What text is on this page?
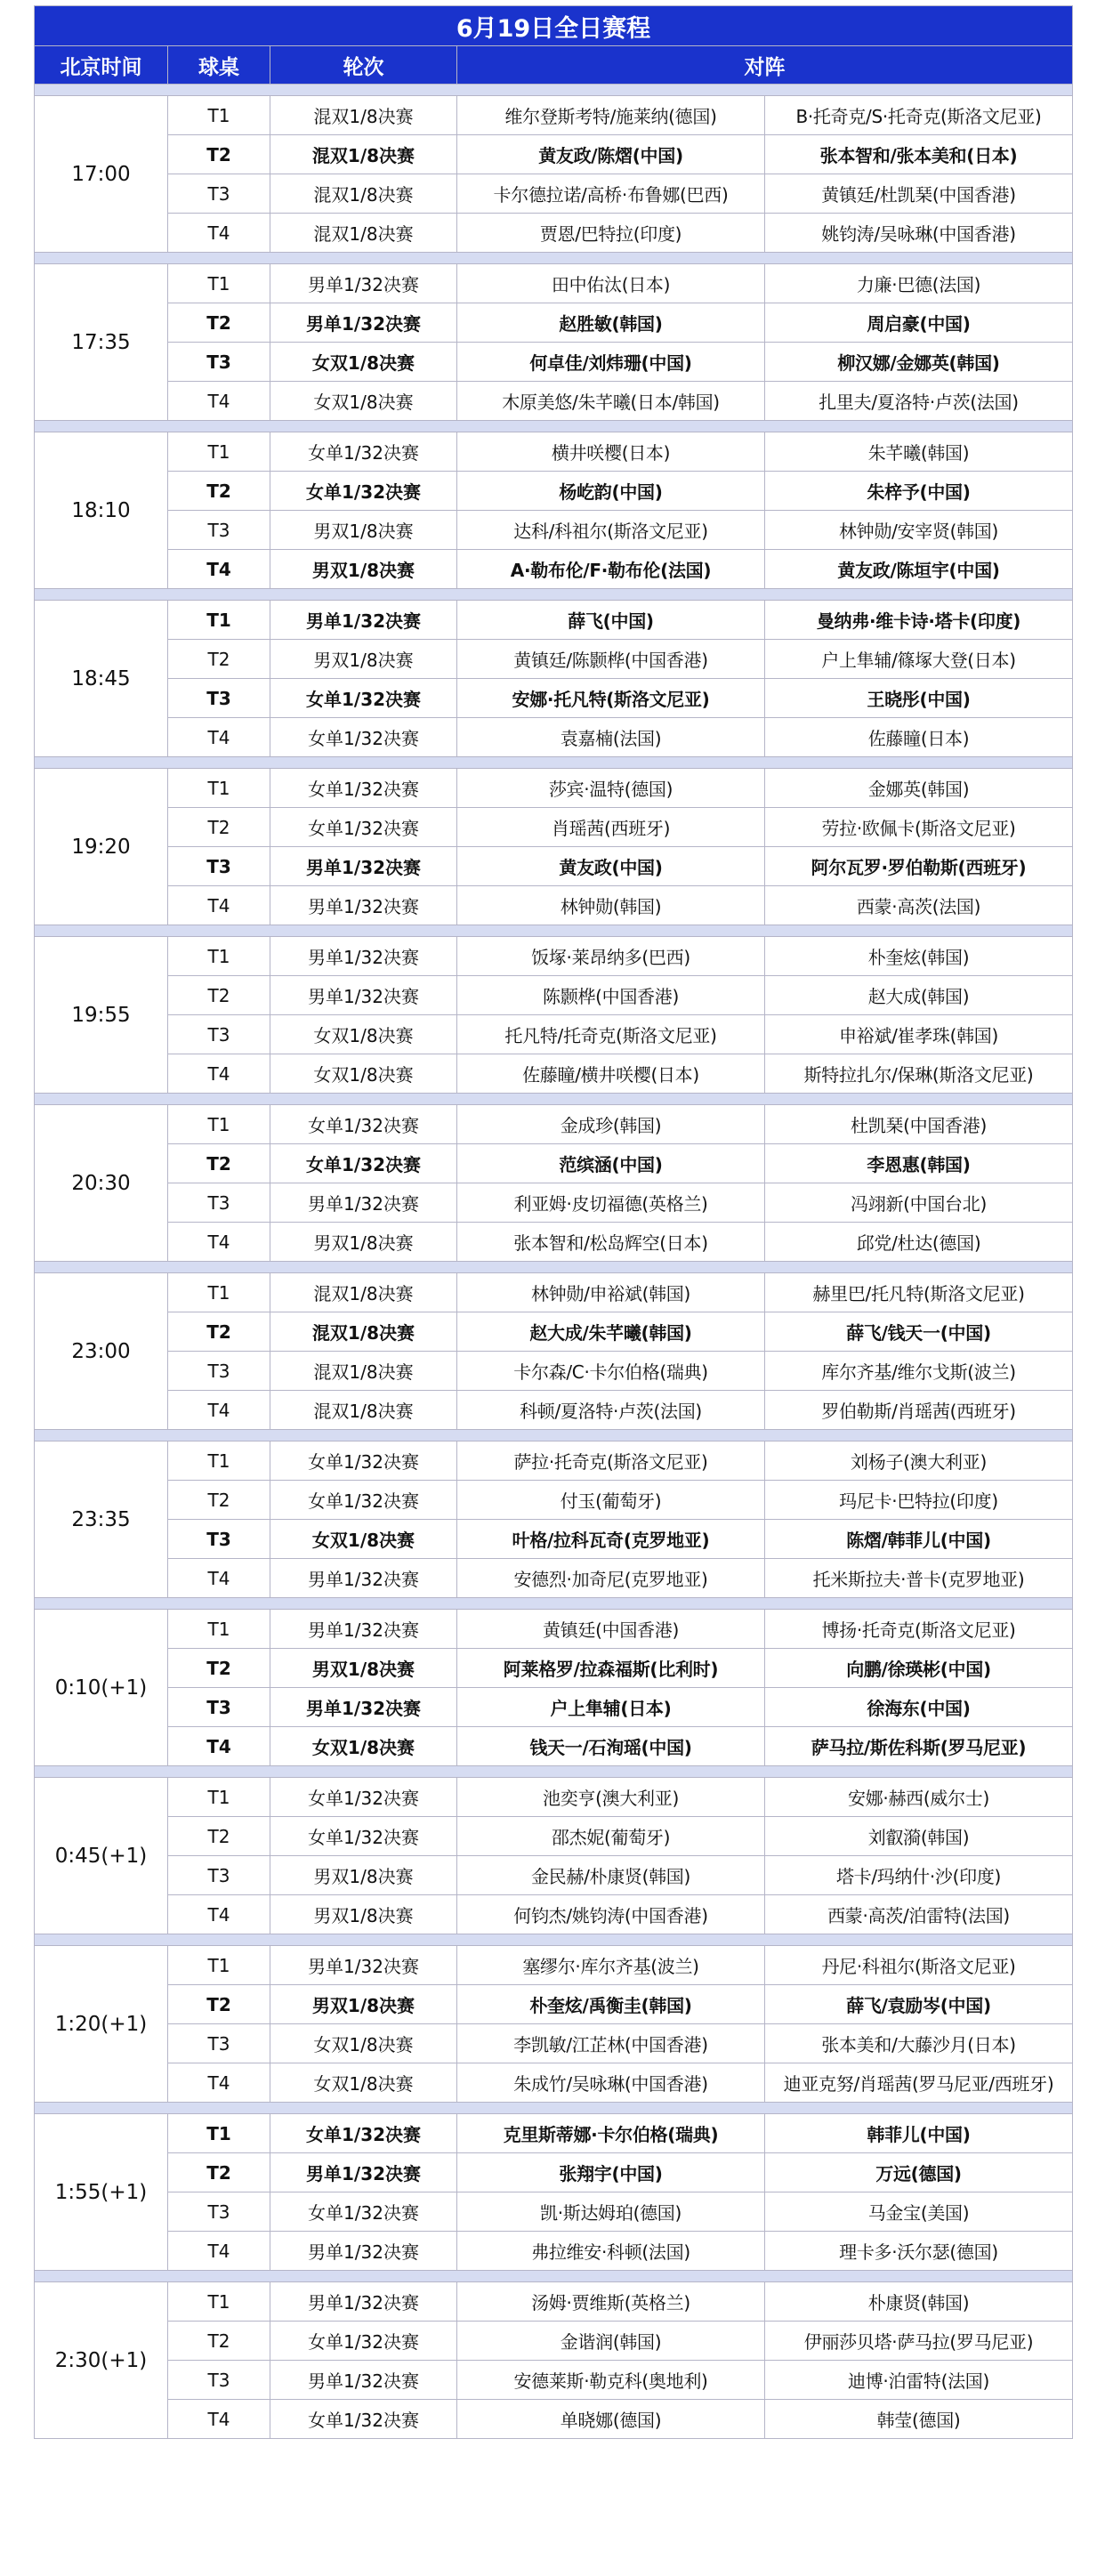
6月19日全日赛程				
北京时间	球桌	轮次	对阵	

17:00	T1	混双1/8决赛	维尔登斯考特/施莱纳(德国)	B·托奇克/S·托奇克(斯洛文尼亚)
	T2	混双1/8决赛	黄友政/陈熠(中国)	张本智和/张本美和(日本)
	T3	混双1/8决赛	卡尔德拉诺/高桥·布鲁娜(巴西)	黄镇廷/杜凯琹(中国香港)
	T4	混双1/8决赛	贾恩/巴特拉(印度)	姚钧涛/吴咏琳(中国香港)

17:35	T1	男单1/32决赛	田中佑汰(日本)	力廉·巴德(法国)
	T2	男单1/32决赛	赵胜敏(韩国)	周启豪(中国)
	T3	女双1/8决赛	何卓佳/刘炜珊(中国)	柳汉娜/金娜英(韩国)
	T4	女双1/8决赛	木原美悠/朱芊曦(日本/韩国)	扎里夫/夏洛特·卢茨(法国)

18:10	T1	女单1/32决赛	横井咲樱(日本)	朱芊曦(韩国)
	T2	女单1/32决赛	杨屹韵(中国)	朱梓予(中国)
	T3	男双1/8决赛	达科/科祖尔(斯洛文尼亚)	林钟勋/安宰贤(韩国)
	T4	男双1/8决赛	A·勒布伦/F·勒布伦(法国)	黄友政/陈垣宇(中国)

18:45	T1	男单1/32决赛	薛飞(中国)	曼纳弗·维卡诗·塔卡(印度)
	T2	男双1/8决赛	黄镇廷/陈颢桦(中国香港)	户上隼辅/篠塚大登(日本)
	T3	女单1/32决赛	安娜·托凡特(斯洛文尼亚)	王晓彤(中国)
	T4	女单1/32决赛	袁嘉楠(法国)	佐藤瞳(日本)

19:20	T1	女单1/32决赛	莎宾·温特(德国)	金娜英(韩国)
	T2	女单1/32决赛	肖瑶茜(西班牙)	劳拉·欧佩卡(斯洛文尼亚)
	T3	男单1/32决赛	黄友政(中国)	阿尔瓦罗·罗伯勒斯(西班牙)
	T4	男单1/32决赛	林钟勋(韩国)	西蒙·高茨(法国)

19:55	T1	男单1/32决赛	饭塚·莱昂纳多(巴西)	朴奎炫(韩国)
	T2	男单1/32决赛	陈颢桦(中国香港)	赵大成(韩国)
	T3	女双1/8决赛	托凡特/托奇克(斯洛文尼亚)	申裕斌/崔孝珠(韩国)
	T4	女双1/8决赛	佐藤瞳/横井咲樱(日本)	斯特拉扎尔/保琳(斯洛文尼亚)

20:30	T1	女单1/32决赛	金成珍(韩国)	杜凯琹(中国香港)
	T2	女单1/32决赛	范缤涵(中国)	李恩惠(韩国)
	T3	男单1/32决赛	利亚姆·皮切福德(英格兰)	冯翊新(中国台北)
	T4	男双1/8决赛	张本智和/松岛辉空(日本)	邱党/杜达(德国)

23:00	T1	混双1/8决赛	林钟勋/申裕斌(韩国)	赫里巴/托凡特(斯洛文尼亚)
	T2	混双1/8决赛	赵大成/朱芊曦(韩国)	薛飞/钱天一(中国)
	T3	混双1/8决赛	卡尔森/C·卡尔伯格(瑞典)	库尔齐基/维尔戈斯(波兰)
	T4	混双1/8决赛	科顿/夏洛特·卢茨(法国)	罗伯勒斯/肖瑶茜(西班牙)

23:35	T1	女单1/32决赛	萨拉·托奇克(斯洛文尼亚)	刘杨子(澳大利亚)
	T2	女单1/32决赛	付玉(葡萄牙)	玛尼卡·巴特拉(印度)
	T3	女双1/8决赛	叶格/拉科瓦奇(克罗地亚)	陈熠/韩菲儿(中国)
	T4	男单1/32决赛	安德烈·加奇尼(克罗地亚)	托米斯拉夫·普卡(克罗地亚)

0:10(+1)	T1	男单1/32决赛	黄镇廷(中国香港)	博扬·托奇克(斯洛文尼亚)
	T2	男双1/8决赛	阿莱格罗/拉森福斯(比利时)	向鹏/徐瑛彬(中国)
	T3	男单1/32决赛	户上隼辅(日本)	徐海东(中国)
	T4	女双1/8决赛	钱天一/石洵瑶(中国)	萨马拉/斯佐科斯(罗马尼亚)

0:45(+1)	T1	女单1/32决赛	池奕亨(澳大利亚)	安娜·赫西(威尔士)
	T2	女单1/32决赛	邵杰妮(葡萄牙)	刘叡漪(韩国)
	T3	男双1/8决赛	金民赫/朴康贤(韩国)	塔卡/玛纳什·沙(印度)
	T4	男双1/8决赛	何钧杰/姚钧涛(中国香港)	西蒙·高茨/泊雷特(法国)

1:20(+1)	T1	男单1/32决赛	塞缪尔·库尔齐基(波兰)	丹尼·科祖尔(斯洛文尼亚)
	T2	男双1/8决赛	朴奎炫/禹衡圭(韩国)	薛飞/袁励岑(中国)
	T3	女双1/8决赛	李凯敏/江芷林(中国香港)	张本美和/大藤沙月(日本)
	T4	女双1/8决赛	朱成竹/吴咏琳(中国香港)	迪亚克努/肖瑶茜(罗马尼亚/西班牙)

1:55(+1)	T1	女单1/32决赛	克里斯蒂娜·卡尔伯格(瑞典)	韩菲儿(中国)
	T2	男单1/32决赛	张翔宇(中国)	万远(德国)
	T3	女单1/32决赛	凯·斯达姆珀(德国)	马金宝(美国)
	T4	男单1/32决赛	弗拉维安·科顿(法国)	理卡多·沃尔瑟(德国)

2:30(+1)	T1	男单1/32决赛	汤姆·贾维斯(英格兰)	朴康贤(韩国)
	T2	女单1/32决赛	金谐润(韩国)	伊丽莎贝塔·萨马拉(罗马尼亚)
	T3	男单1/32决赛	安德莱斯·勒克科(奥地利)	迪博·泊雷特(法国)
	T4	女单1/32决赛	单晓娜(德国)	韩莹(德国)
